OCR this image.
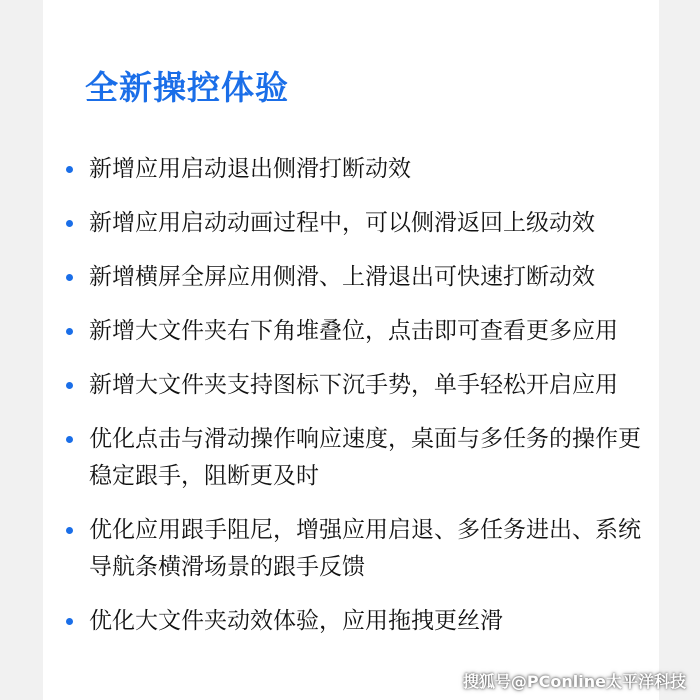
全新操控体验
新增应用启动退出侧滑打断动效
新增应用启动动画过程中，可以侧滑返回上级动效
新增横屏全屏应用侧滑、上滑退出可快速打断动效
新增大文件夹右下角堆叠位，点击即可查看更多应用
新增大文件夹支持图标下沉手势，单手轻松开启应用
优化点击与滑动操作响应速度，桌面与多任务的操作更稳定跟手，阻断更及时
优化应用跟手阻尼，增强应用启退、多任务进出、系统导航条横滑场景的跟手反馈
优化大文件夹动效体验，应用拖拽更丝滑
搜狐号@PConline太平洋科技
